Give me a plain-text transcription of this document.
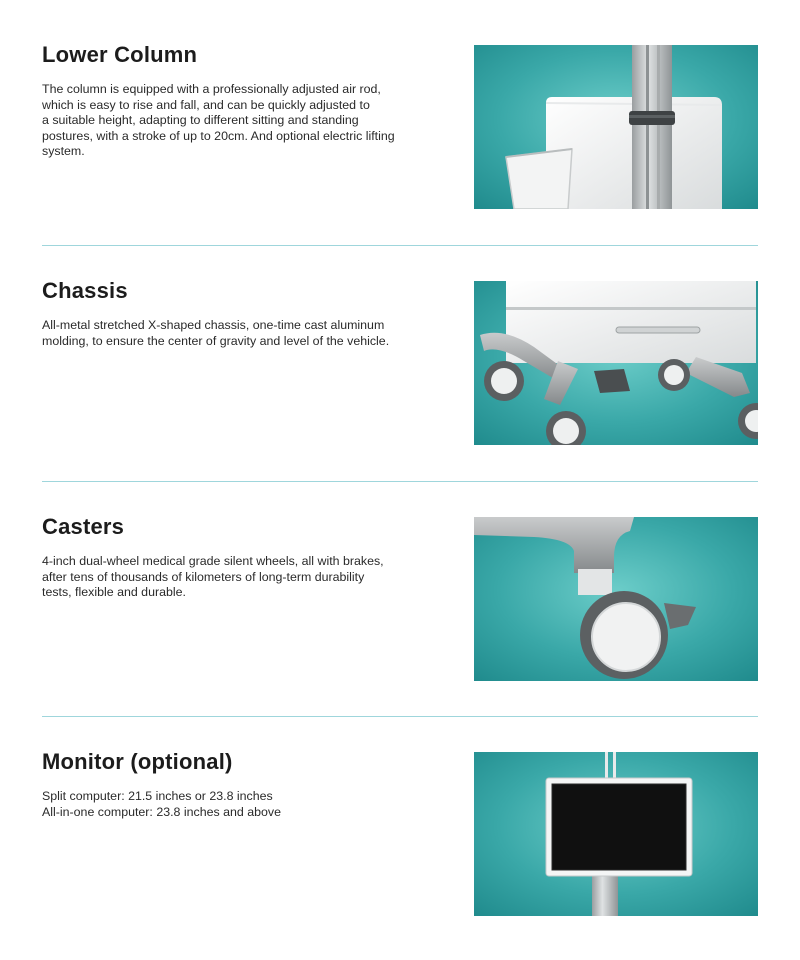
Lower Column

The column is equipped with a professionally adjusted air rod,
which is easy to rise and fall, and can be quickly adjusted to
a suitable height, adapting to different sitting and standing
postures, with a stroke of up to 20cm. And optional electric lifting
system.

Chassis

All-metal stretched X-shaped chassis, one-time cast aluminum
molding, to ensure the center of gravity and level of the vehicle.

Casters

4-inch dual-wheel medical grade silent wheels, all with brakes,
after tens of thousands of kilometers of long-term durability
tests, flexible and durable.

Monitor (optional)

Split computer: 21.5 inches or 23.8 inches
All-in-one computer: 23.8 inches and above
